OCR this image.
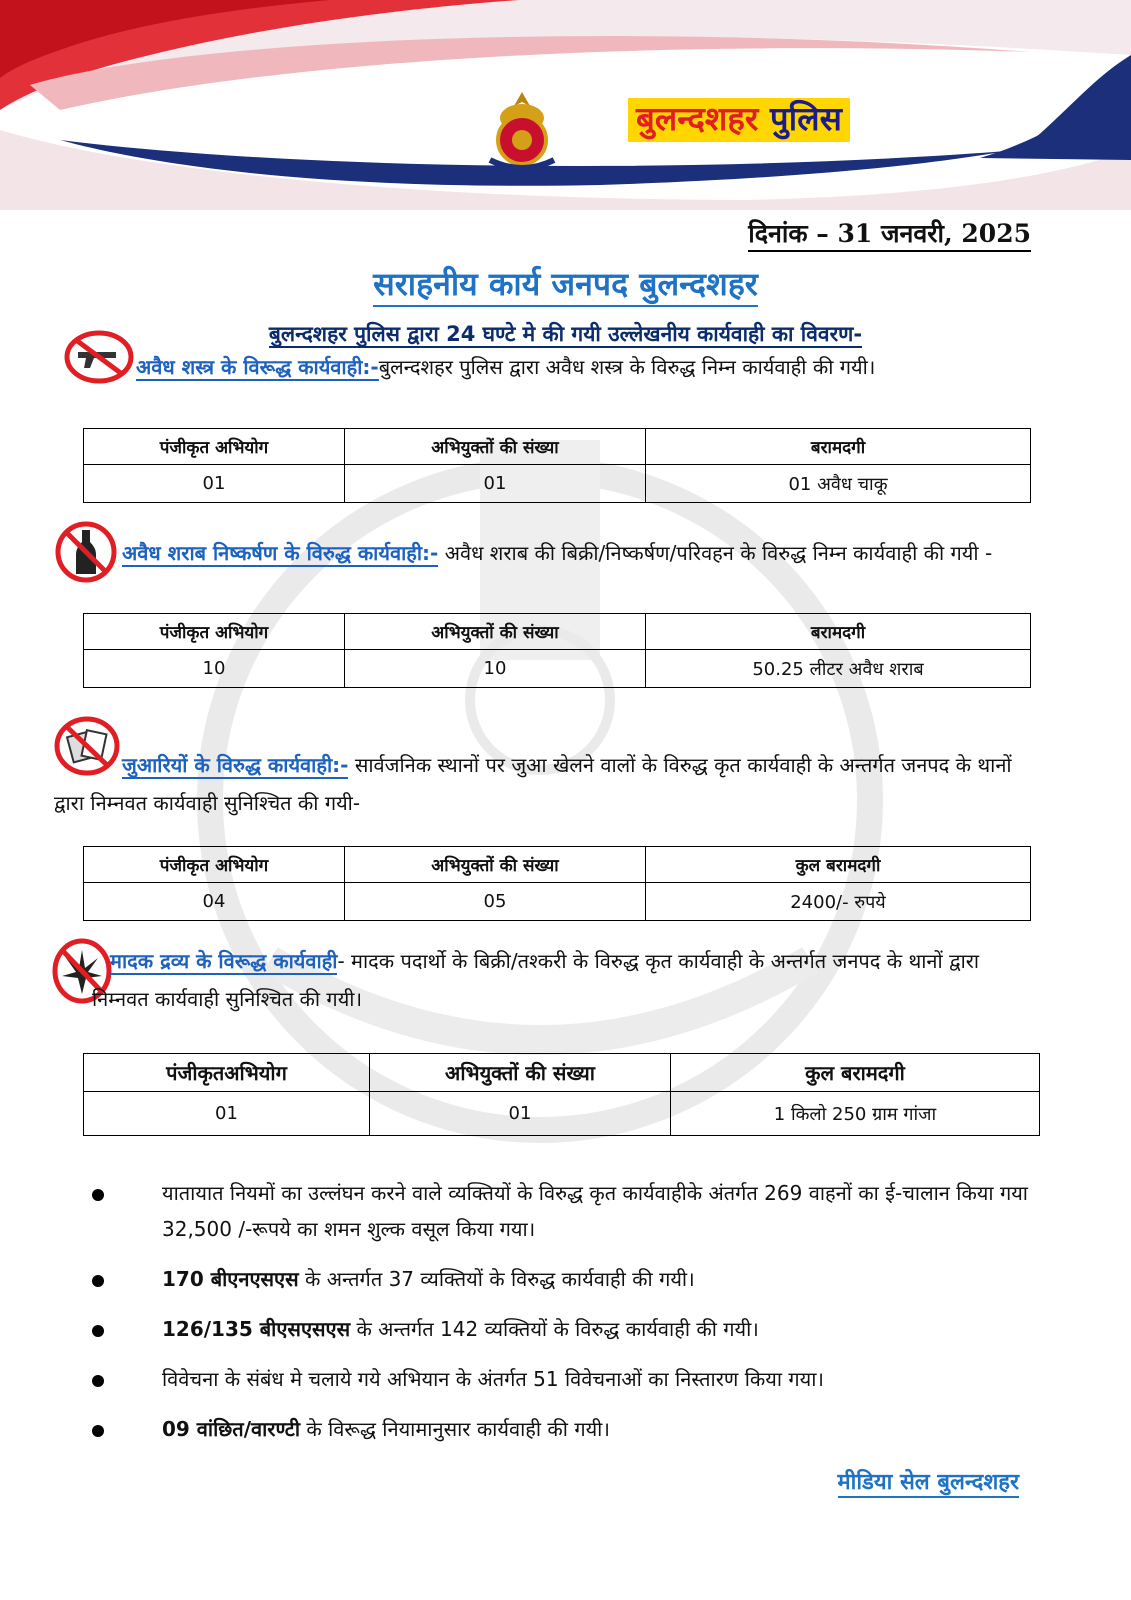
बुलन्दशहर पुलिस
दिनांक – 31 जनवरी, 2025
सराहनीय कार्य जनपद बुलन्दशहर
बुलन्दशहर पुलिस द्वारा 24 घण्टे मे की गयी उल्लेखनीय कार्यवाही का विवरण-
अवैध शस्त्र के विरूद्ध कार्यवाही:-बुलन्दशहर पुलिस द्वारा अवैध शस्त्र के विरुद्ध निम्न कार्यवाही की गयी।
पंजीकृत अभियोग	अभियुक्तों की संख्या	बरामदगी
01	01	01 अवैध चाकू
अवैध शराब निष्कर्षण के विरुद्ध कार्यवाही:- अवैध शराब की बिक्री/निष्कर्षण/परिवहन के विरुद्ध निम्न कार्यवाही की गयी -
पंजीकृत अभियोग	अभियुक्तों की संख्या	बरामदगी
10	10	50.25 लीटर अवैध शराब
जुआरियों के विरुद्ध कार्यवाही:- सार्वजनिक स्थानों पर जुआ खेलने वालों के विरुद्ध कृत कार्यवाही के अन्तर्गत जनपद के थानों द्वारा निम्नवत कार्यवाही सुनिश्चित की गयी-
पंजीकृत अभियोग	अभियुक्तों की संख्या	कुल बरामदगी
04	05	2400/- रुपये
मादक द्रव्य के विरूद्ध कार्यवाही- मादक पदार्थो के बिक्री/तश्करी के विरुद्ध कृत कार्यवाही के अन्तर्गत जनपद के थानों द्वारा निम्नवत कार्यवाही सुनिश्चित की गयी।
पंजीकृतअभियोग	अभियुक्तों की संख्या	कुल बरामदगी
01	01	1 किलो 250 ग्राम गांजा
यातायात नियमों का उल्लंघन करने वाले व्यक्तियों के विरुद्ध कृत कार्यवाहीके अंतर्गत 269 वाहनों का ई-चालान किया गया 32,500 /-रूपये का शमन शुल्क वसूल किया गया।
170 बीएनएसएस के अन्तर्गत 37 व्यक्तियों के विरुद्ध कार्यवाही की गयी।
126/135 बीएसएसएस के अन्तर्गत 142 व्यक्तियों के विरुद्ध कार्यवाही की गयी।
विवेचना के संबंध मे चलाये गये अभियान के अंतर्गत 51 विवेचनाओं का निस्तारण किया गया।
09 वांछित/वारण्टी के विरूद्ध नियामानुसार कार्यवाही की गयी।
मीडिया सेल बुलन्दशहर
